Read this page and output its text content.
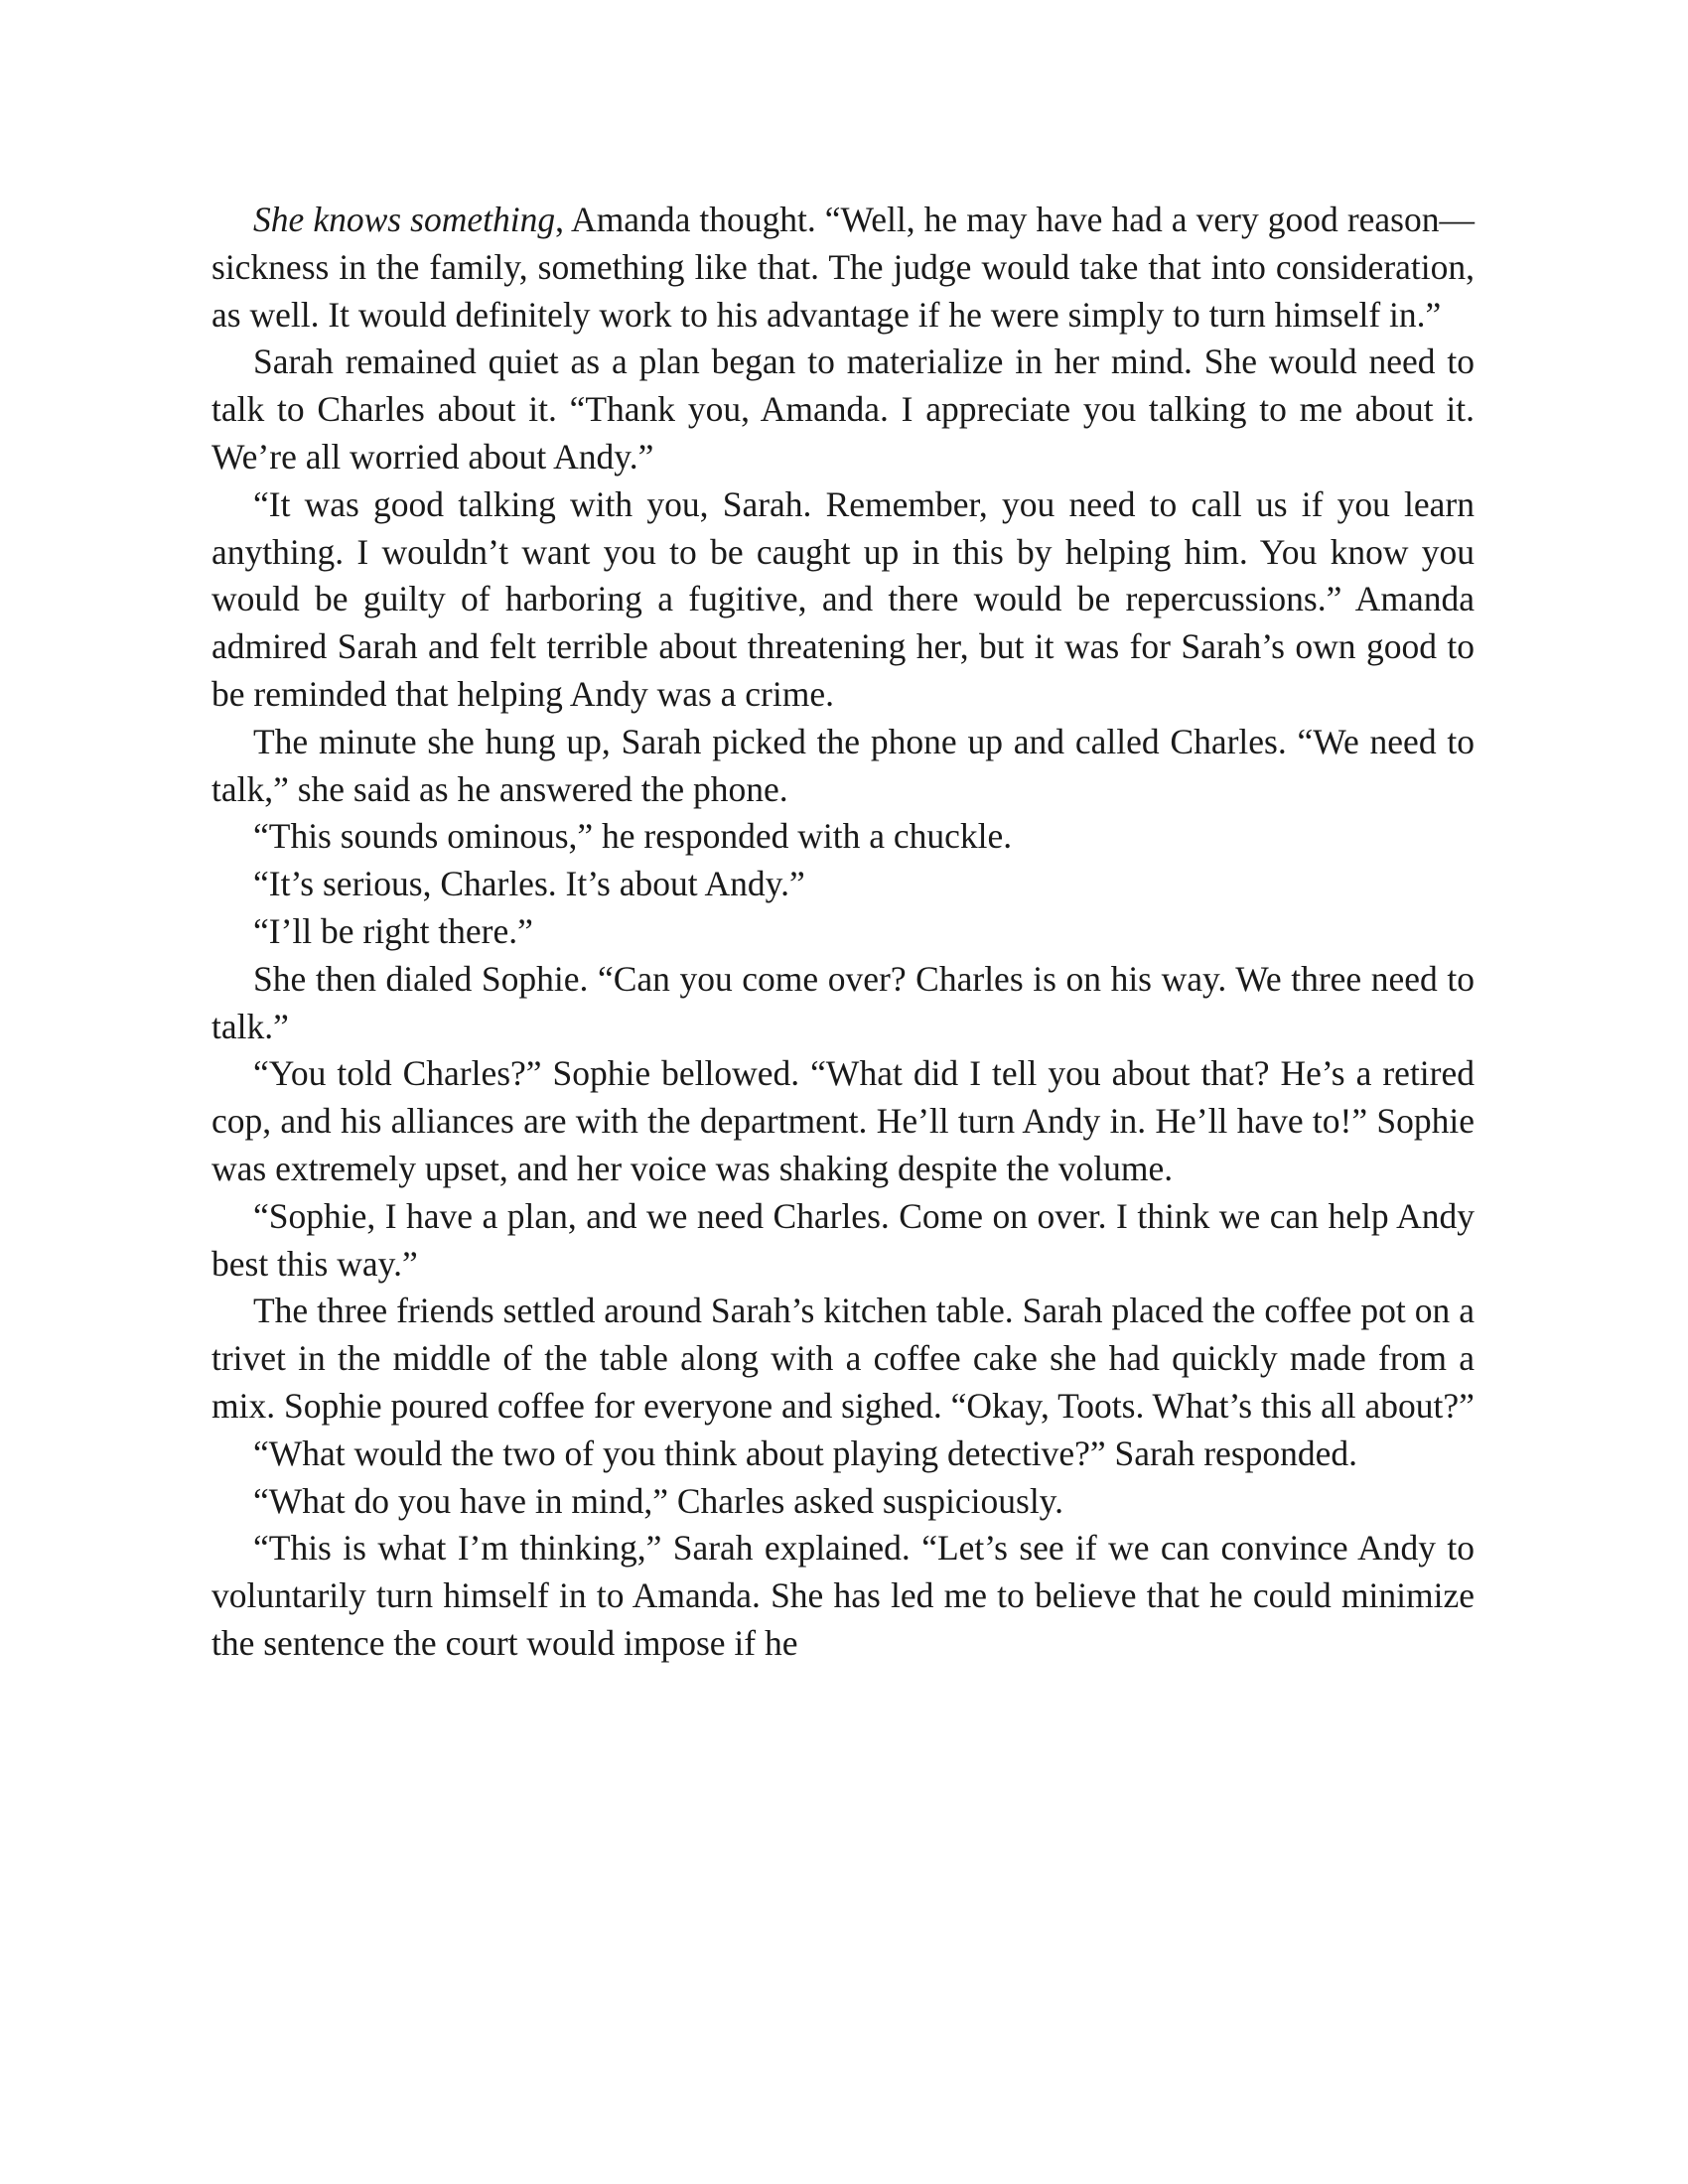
She knows something, Amanda thought. “Well, he may have had a very good reason—sickness in the family, something like that. The judge would take that into consideration, as well. It would definitely work to his advantage if he were simply to turn himself in.”

Sarah remained quiet as a plan began to materialize in her mind. She would need to talk to Charles about it. “Thank you, Amanda. I appreciate you talking to me about it. We’re all worried about Andy.”

“It was good talking with you, Sarah. Remember, you need to call us if you learn anything. I wouldn’t want you to be caught up in this by helping him. You know you would be guilty of harboring a fugitive, and there would be repercussions.” Amanda admired Sarah and felt terrible about threatening her, but it was for Sarah’s own good to be reminded that helping Andy was a crime.

The minute she hung up, Sarah picked the phone up and called Charles. “We need to talk,” she said as he answered the phone.

“This sounds ominous,” he responded with a chuckle.

“It’s serious, Charles. It’s about Andy.”

“I’ll be right there.”

She then dialed Sophie. “Can you come over? Charles is on his way. We three need to talk.”

“You told Charles?” Sophie bellowed. “What did I tell you about that? He’s a retired cop, and his alliances are with the department. He’ll turn Andy in. He’ll have to!” Sophie was extremely upset, and her voice was shaking despite the volume.

“Sophie, I have a plan, and we need Charles. Come on over. I think we can help Andy best this way.”

The three friends settled around Sarah’s kitchen table. Sarah placed the coffee pot on a trivet in the middle of the table along with a coffee cake she had quickly made from a mix. Sophie poured coffee for everyone and sighed. “Okay, Toots. What’s this all about?”

“What would the two of you think about playing detective?” Sarah responded.

“What do you have in mind,” Charles asked suspiciously.

“This is what I’m thinking,” Sarah explained. “Let’s see if we can convince Andy to voluntarily turn himself in to Amanda. She has led me to believe that he could minimize the sentence the court would impose if he
